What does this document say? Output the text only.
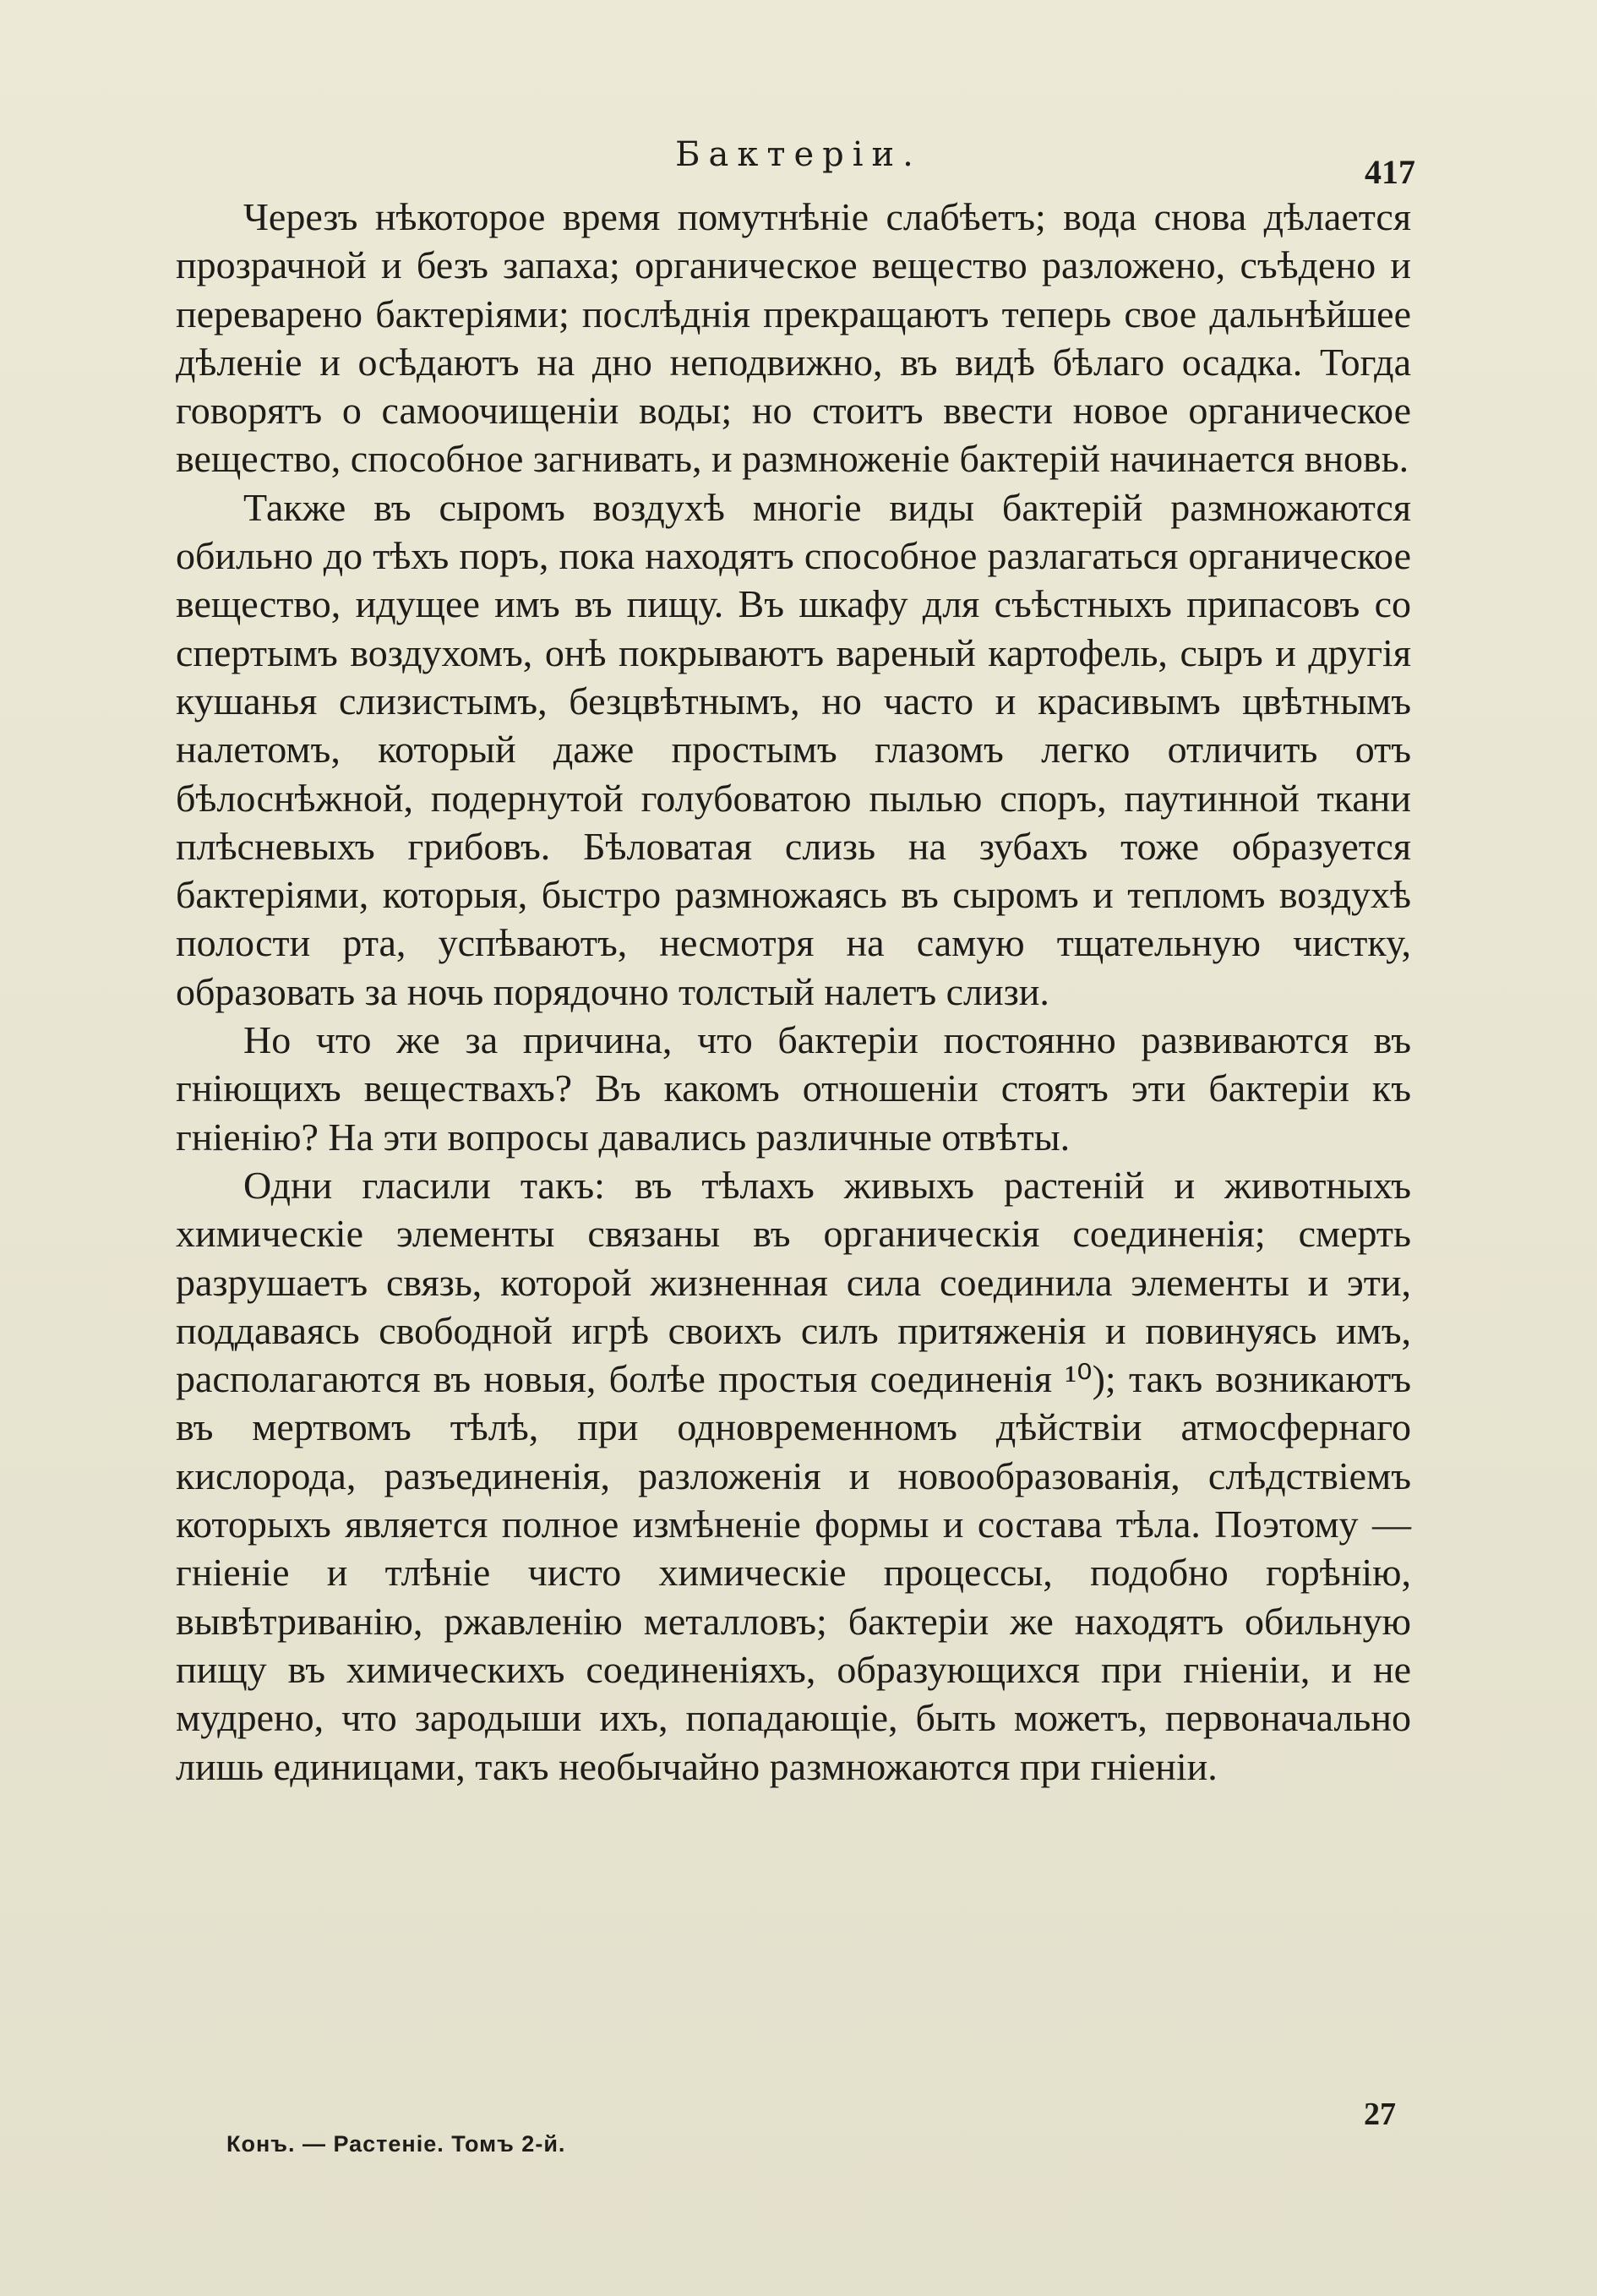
Бактеріи.	417

Черезъ нѣкоторое время помутнѣніе слабѣетъ; вода снова дѣлается прозрачной и безъ запаха; органическое вещество разложено, съѣдено и переварено бактеріями; послѣднія прекращаютъ теперь свое дальнѣйшее дѣленіе и осѣдаютъ на дно неподвижно, въ видѣ бѣлаго осадка. Тогда говорятъ о самоочищеніи воды; но стоитъ ввести новое органическое вещество, способное загнивать, и размноженіе бактерій начинается вновь.

Также въ сыромъ воздухѣ многіе виды бактерій размножаются обильно до тѣхъ поръ, пока находятъ способное разлагаться органическое вещество, идущее имъ въ пищу. Въ шкафу для съѣстныхъ припасовъ со спертымъ воздухомъ, онѣ покрываютъ вареный картофель, сыръ и другія кушанья слизистымъ, безцвѣтнымъ, но часто и красивымъ цвѣтнымъ налетомъ, который даже простымъ глазомъ легко отличить отъ бѣлоснѣжной, подернутой голубоватою пылью споръ, паутинной ткани плѣсневыхъ грибовъ. Бѣловатая слизь на зубахъ тоже образуется бактеріями, которыя, быстро размножаясь въ сыромъ и тепломъ воздухѣ полости рта, успѣваютъ, несмотря на самую тщательную чистку, образовать за ночь порядочно толстый налетъ слизи.

Но что же за причина, что бактеріи постоянно развиваются въ гніющихъ веществахъ? Въ какомъ отношеніи стоятъ эти бактеріи къ гніенію? На эти вопросы давались различные отвѣты.

Одни гласили такъ: въ тѣлахъ живыхъ растеній и животныхъ химическіе элементы связаны въ органическія соединенія; смерть разрушаетъ связь, которой жизненная сила соединила элементы и эти, поддаваясь свободной игрѣ своихъ силъ притяженія и повинуясь имъ, располагаются въ новыя, болѣе простыя соединенія ¹⁰); такъ возникаютъ въ мертвомъ тѣлѣ, при одновременномъ дѣйствіи атмосфернаго кислорода, разъединенія, разложенія и новообразованія, слѣдствіемъ которыхъ является полное измѣненіе формы и состава тѣла. Поэтому — гніеніе и тлѣніе чисто химическіе процессы, подобно горѣнію, вывѣтриванію, ржавленію металловъ; бактеріи же находятъ обильную пищу въ химическихъ соединеніяхъ, образующихся при гніеніи, и не мудрено, что зародыши ихъ, попадающіе, быть можетъ, первоначально лишь единицами, такъ необычайно размножаются при гніеніи.

27
Конъ. — Растеніе. Томъ 2-й.
